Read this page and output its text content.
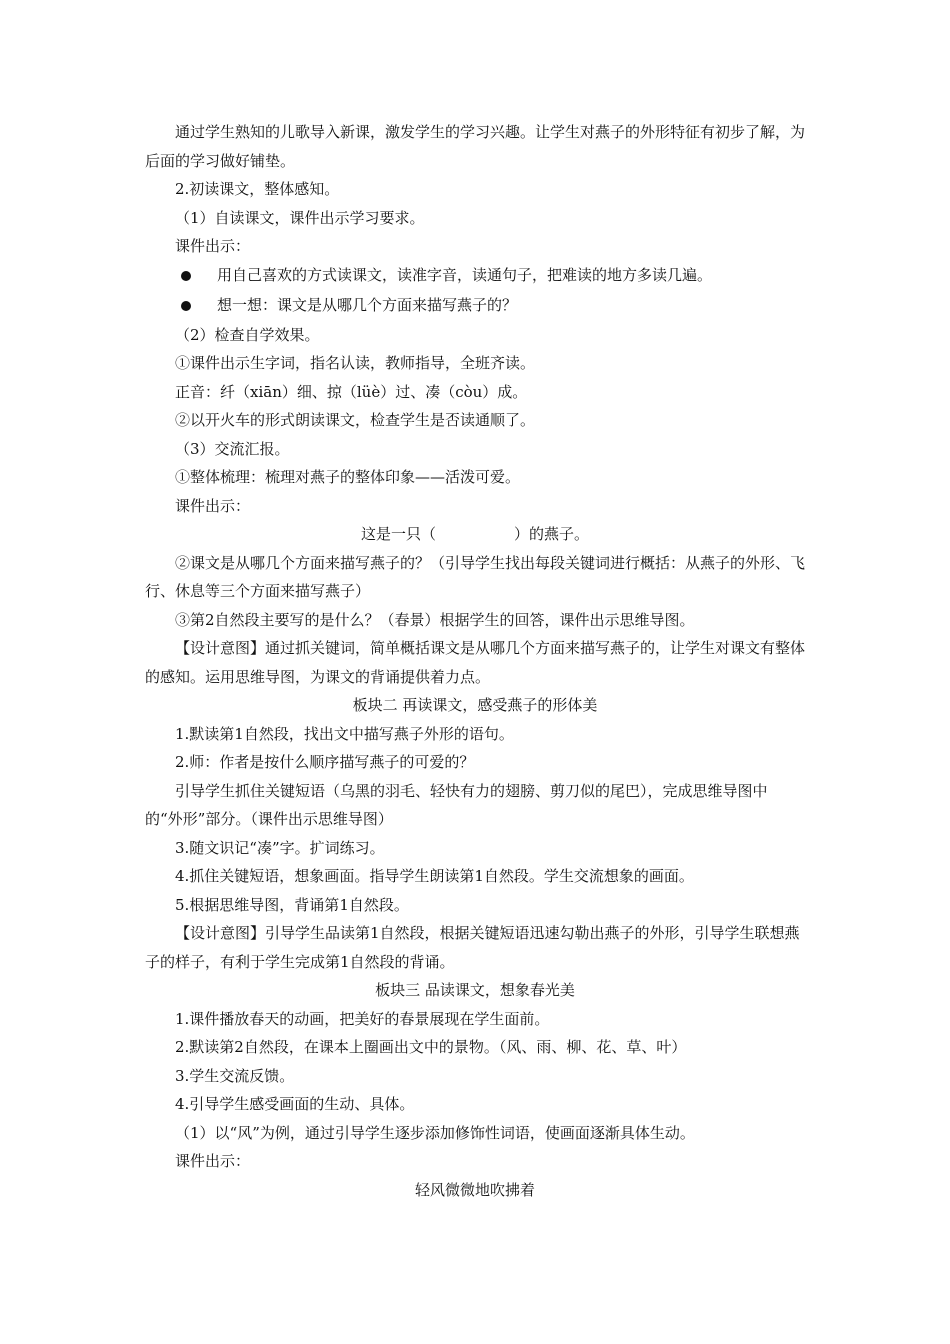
通过学生熟知的儿歌导入新课，激发学生的学习兴趣。让学生对燕子的外形特征有初步了解，为后面的学习做好铺垫。

2.初读课文，整体感知。

（1）自读课文，课件出示学习要求。

课件出示：

用自己喜欢的方式读课文，读准字音，读通句子，把难读的地方多读几遍。
想一想：课文是从哪几个方面来描写燕子的？

（2）检查自学效果。

①课件出示生字词，指名认读，教师指导，全班齐读。

正音：纤（xiān）细、掠（lüè）过、凑（còu）成。

②以开火车的形式朗读课文，检查学生是否读通顺了。

（3）交流汇报。

①整体梳理：梳理对燕子的整体印象——活泼可爱。

课件出示：

这是一只（	）的燕子。

②课文是从哪几个方面来描写燕子的？（引导学生找出每段关键词进行概括：从燕子的外形、飞行、休息等三个方面来描写燕子）

③第2自然段主要写的是什么？（春景）根据学生的回答，课件出示思维导图。

【设计意图】通过抓关键词，简单概括课文是从哪几个方面来描写燕子的，让学生对课文有整体的感知。运用思维导图，为课文的背诵提供着力点。

板块二 再读课文，感受燕子的形体美

1.默读第1自然段，找出文中描写燕子外形的语句。

2.师：作者是按什么顺序描写燕子的可爱的？

引导学生抓住关键短语（乌黑的羽毛、轻快有力的翅膀、剪刀似的尾巴），完成思维导图中的“外形”部分。（课件出示思维导图）

3.随文识记“凑”字。扩词练习。

4.抓住关键短语，想象画面。指导学生朗读第1自然段。学生交流想象的画面。

5.根据思维导图，背诵第1自然段。

【设计意图】引导学生品读第1自然段，根据关键短语迅速勾勒出燕子的外形，引导学生联想燕子的样子，有利于学生完成第1自然段的背诵。

板块三 品读课文，想象春光美

1.课件播放春天的动画，把美好的春景展现在学生面前。

2.默读第2自然段，在课本上圈画出文中的景物。（风、雨、柳、花、草、叶）

3.学生交流反馈。

4.引导学生感受画面的生动、具体。

（1）以“风”为例，通过引导学生逐步添加修饰性词语，使画面逐渐具体生动。

课件出示：

轻风微微地吹拂着
